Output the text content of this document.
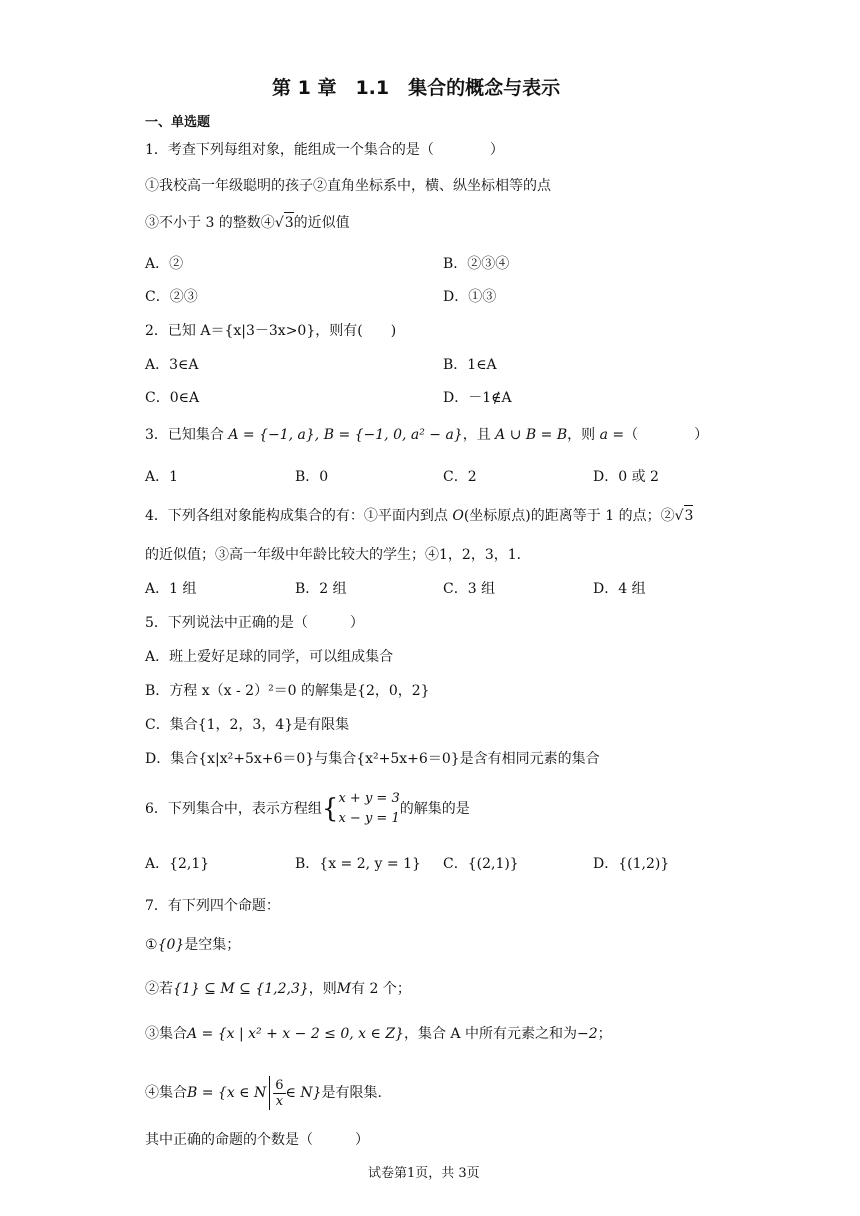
第 1 章　1.1　集合的概念与表示
一、单选题
1．考查下列每组对象，能组成一个集合的是（　　　　）
①我校高一年级聪明的孩子②直角坐标系中，横、纵坐标相等的点
③不小于 3 的整数④√3的近似值
A．②	B．②③④
C．②③	D．①③
2．已知 A＝{x|3－3x>0}，则有(　　)
A．3∈A	B．1∈A
C．0∈A	D．－1∉A
3．已知集合 A = {−1, a}, B = {−1, 0, a² − a}，且 A ∪ B = B，则 a =（　　　　）
A．1	B．0	C．2	D．0 或 2
4．下列各组对象能构成集合的有：①平面内到点 O(坐标原点)的距离等于 1 的点；②√3
的近似值；③高一年级中年龄比较大的学生；④1，2，3，1．
A．1 组	B．2 组	C．3 组	D．4 组
5．下列说法中正确的是（　　　）
A．班上爱好足球的同学，可以组成集合
B．方程 x（x - 2）²＝0 的解集是{2，0，2}
C．集合{1，2，3，4}是有限集
D．集合{x|x²+5x+6＝0}与集合{x²+5x+6＝0}是含有相同元素的集合
6．下列集合中，表示方程组 { x + y = 3
x − y = 1
的解集的是
A．{2,1}	B．{x = 2, y = 1} C．{(2,1)}	D．{(1,2)}
7．有下列四个命题：
①{0}是空集；
②若{1} ⊆ M ⊆ {1,2,3}，则M有 2 个；
③集合A = {x | x² + x − 2 ≤ 0, x ∈ Z}，集合 A 中所有元素之和为−2；
④集合B = {x ∈ N $\frac{6}{x}$ ∈ N}是有限集.
其中正确的命题的个数是（　　　）
试卷第1页，共 3页
